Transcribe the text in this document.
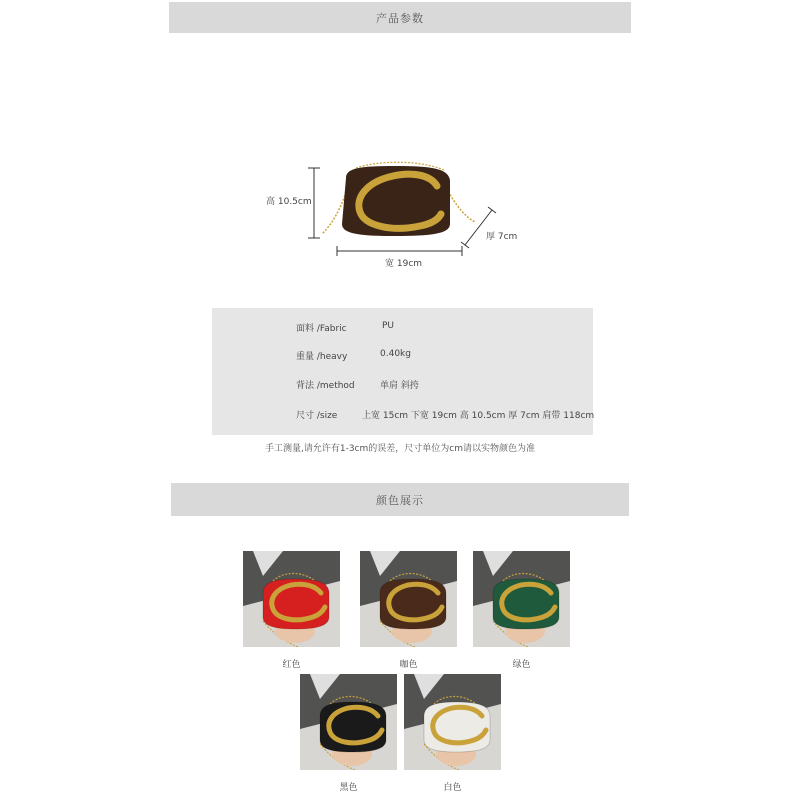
产品参数
高 10.5cm
厚 7cm
宽 19cm
面料 /Fabric	PU
重量 /heavy	0.40kg
背法 /method	单肩 斜挎
尺寸 /size	上宽 15cm 下宽 19cm 高 10.5cm 厚 7cm 肩带 118cm
手工测量,请允许有1-3cm的误差，尺寸单位为cm请以实物颜色为准
颜色展示
红色	咖色	绿色
黑色	白色
